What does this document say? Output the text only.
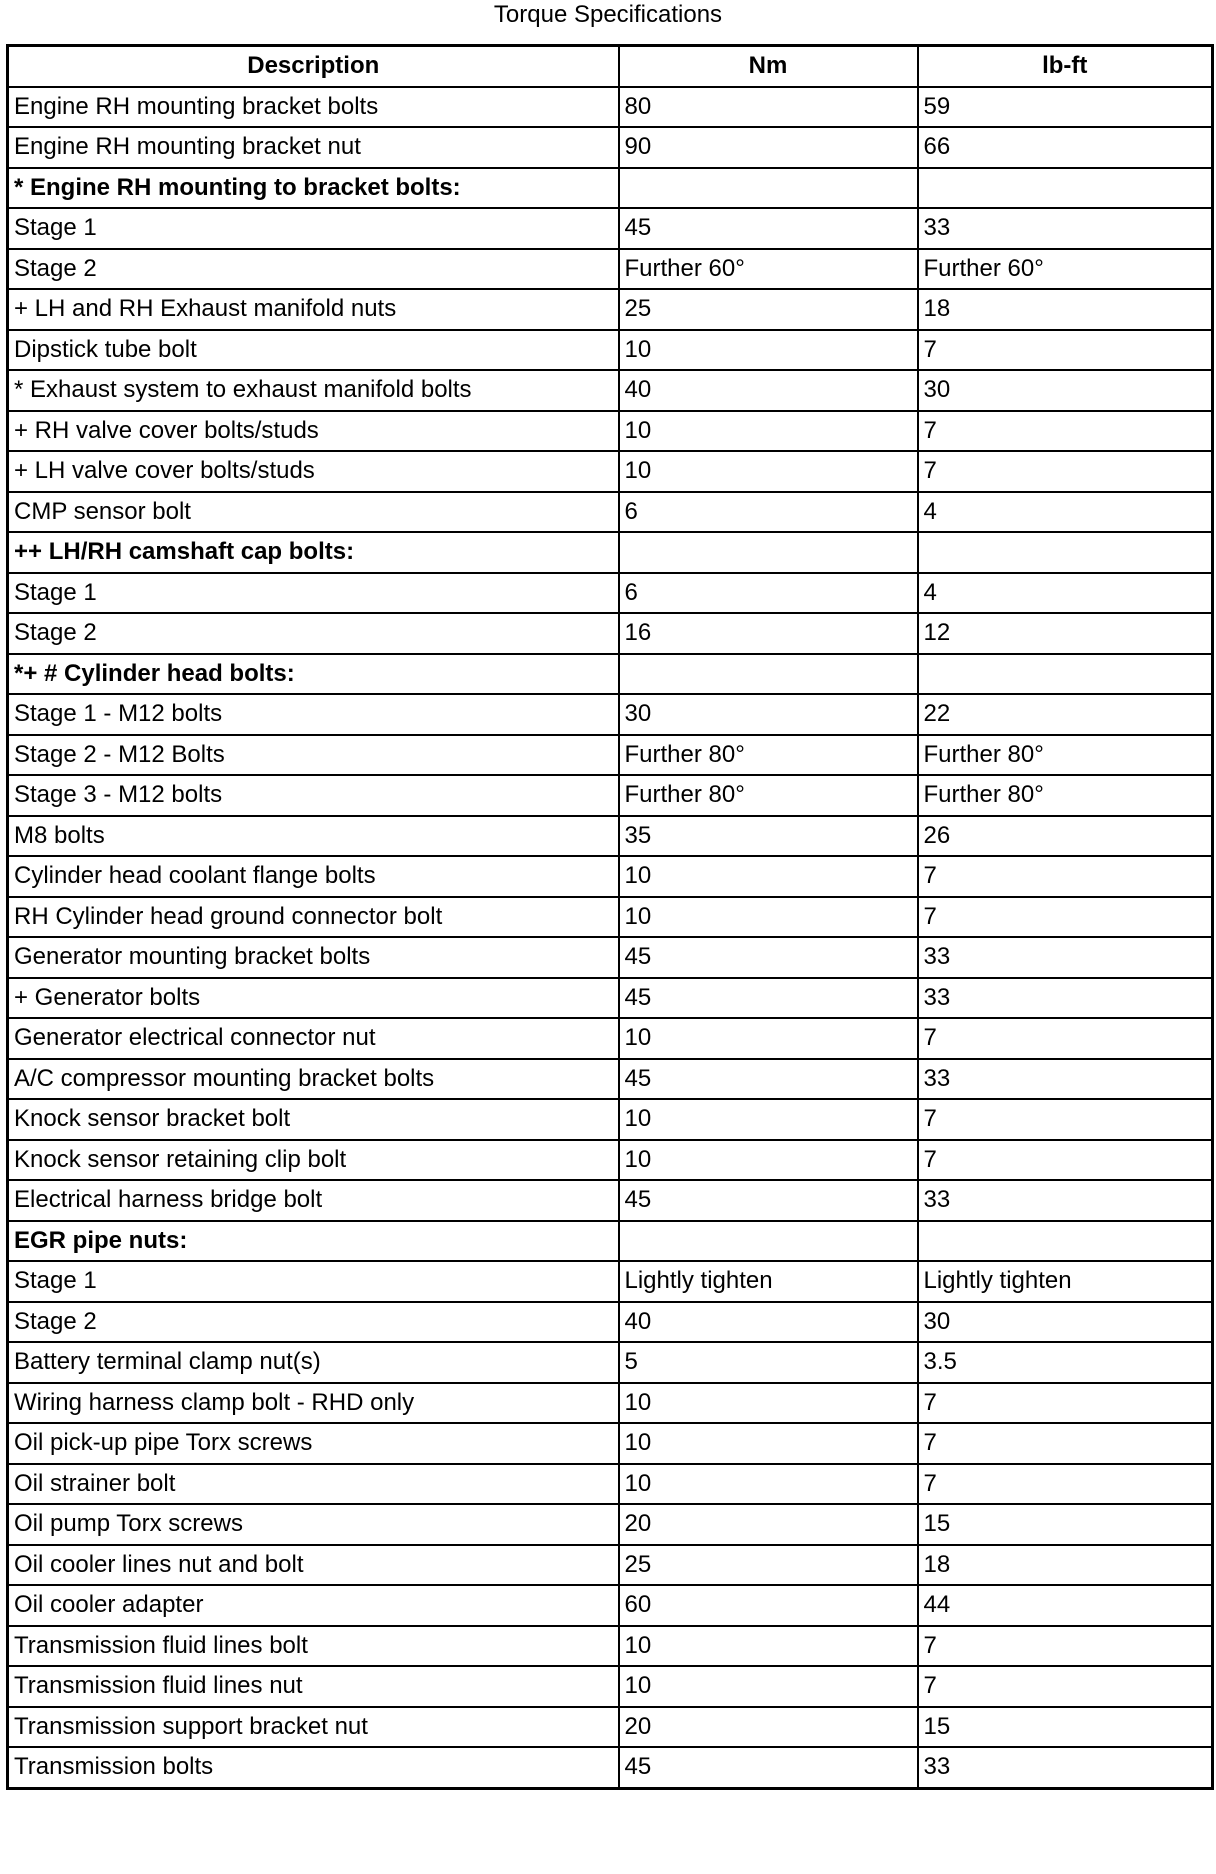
Torque Specifications
Description	Nm	lb-ft
Engine RH mounting bracket bolts	80	59
Engine RH mounting bracket nut	90	66
* Engine RH mounting to bracket bolts:		
Stage 1	45	33
Stage 2	Further 60°	Further 60°
+ LH and RH Exhaust manifold nuts	25	18
Dipstick tube bolt	10	7
* Exhaust system to exhaust manifold bolts	40	30
+ RH valve cover bolts/studs	10	7
+ LH valve cover bolts/studs	10	7
CMP sensor bolt	6	4
++ LH/RH camshaft cap bolts:		
Stage 1	6	4
Stage 2	16	12
*+ # Cylinder head bolts:		
Stage 1 - M12 bolts	30	22
Stage 2 - M12 Bolts	Further 80°	Further 80°
Stage 3 - M12 bolts	Further 80°	Further 80°
M8 bolts	35	26
Cylinder head coolant flange bolts	10	7
RH Cylinder head ground connector bolt	10	7
Generator mounting bracket bolts	45	33
+ Generator bolts	45	33
Generator electrical connector nut	10	7
A/C compressor mounting bracket bolts	45	33
Knock sensor bracket bolt	10	7
Knock sensor retaining clip bolt	10	7
Electrical harness bridge bolt	45	33
EGR pipe nuts:		
Stage 1	Lightly tighten	Lightly tighten
Stage 2	40	30
Battery terminal clamp nut(s)	5	3.5
Wiring harness clamp bolt - RHD only	10	7
Oil pick-up pipe Torx screws	10	7
Oil strainer bolt	10	7
Oil pump Torx screws	20	15
Oil cooler lines nut and bolt	25	18
Oil cooler adapter	60	44
Transmission fluid lines bolt	10	7
Transmission fluid lines nut	10	7
Transmission support bracket nut	20	15
Transmission bolts	45	33
